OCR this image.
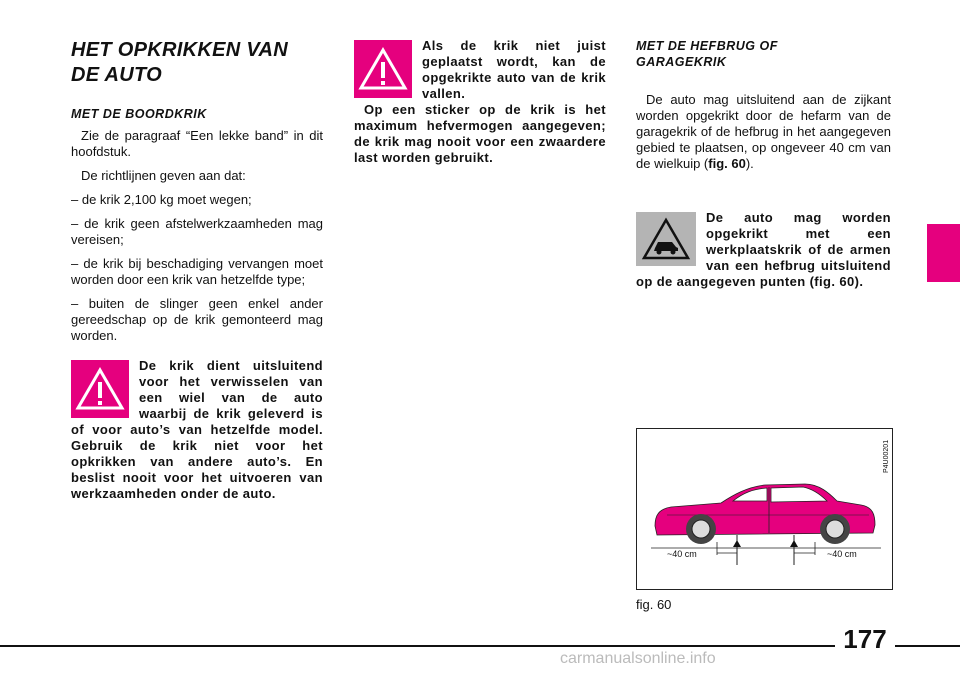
HET OPKRIKKEN VAN
DE AUTO
MET DE BOORDKRIK

Zie de paragraaf “Een lekke band” in dit hoofdstuk.

De richtlijnen geven aan dat:

– de krik 2,100 kg moet wegen;

– de krik geen afstelwerkzaamheden mag vereisen;

– de krik bij beschadiging vervangen moet worden door een krik van hetzelfde type;

– buiten de slinger geen enkel ander gereedschap op de krik gemonteerd mag worden.

De krik dient uitsluitend voor het verwisselen van een wiel van de auto waarbij de krik geleverd is of voor auto’s van hetzelfde model. Gebruik de krik niet voor het opkrikken van andere auto’s. En beslist nooit voor het uitvoeren van werkzaamheden onder de auto.
Als de krik niet juist geplaatst wordt, kan de opgekrikte auto van de krik vallen.
Op een sticker op de krik is het maximum hefvermogen aangegeven; de krik mag nooit voor een zwaardere last worden gebruikt.
MET DE HEFBRUG OF
GARAGEKRIK

De auto mag uitsluitend aan de zijkant worden opgekrikt door de hefarm van de garagekrik of de hefbrug in het aangegeven gebied te plaatsen, op ongeveer 40 cm van de wielkuip (fig. 60).

De auto mag worden opgekrikt met een werkplaatskrik of de armen van een hefbrug uitsluitend op de aangegeven punten (fig. 60).
P4U00201
~40 cm	~40 cm
fig. 60
177
carmanualsonline.info
